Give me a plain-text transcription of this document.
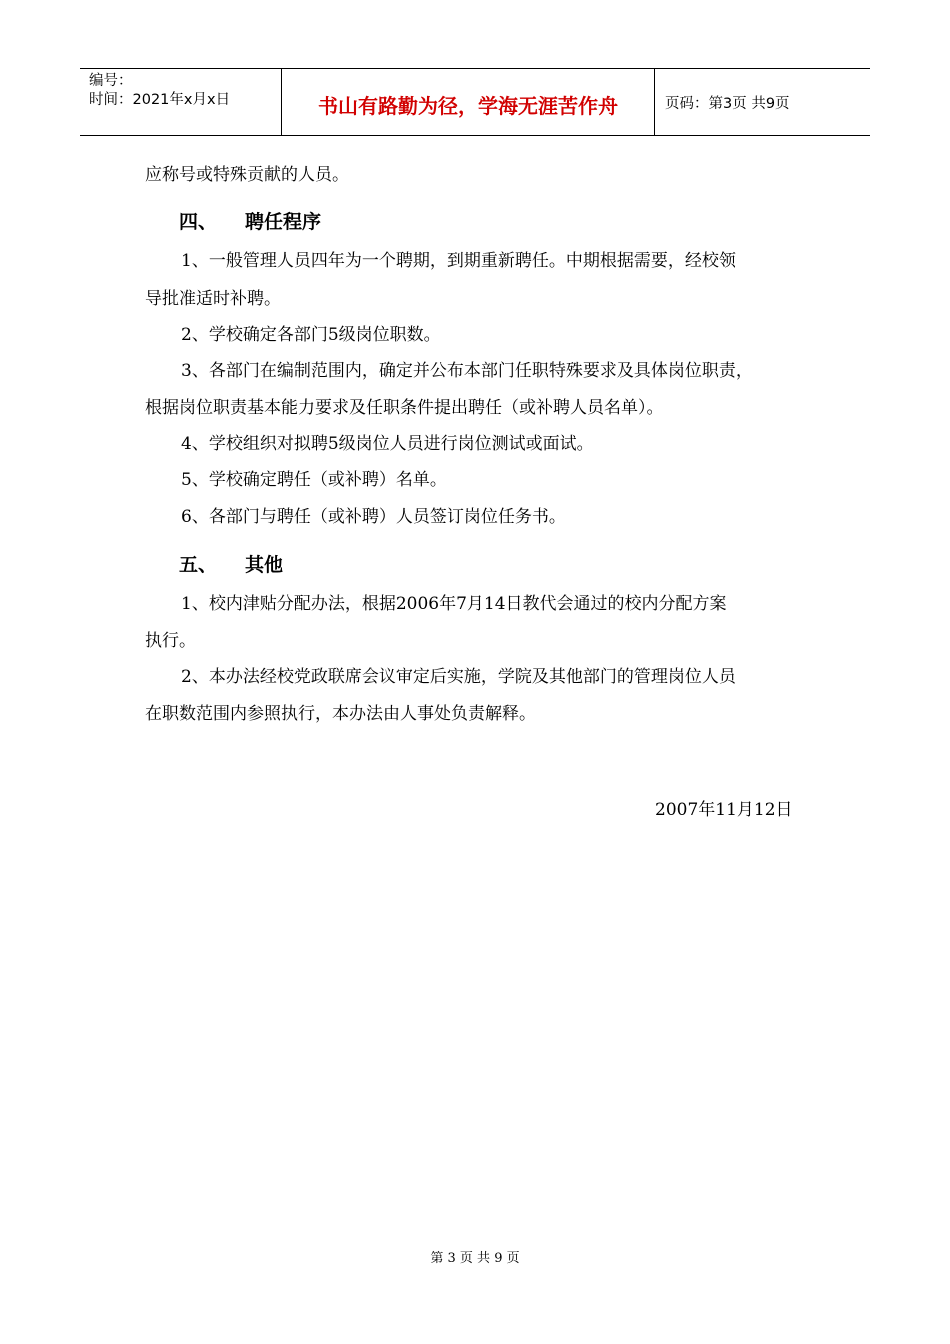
编号：
时间：2021年x月x日	书山有路勤为径，学海无涯苦作舟	页码：第3页 共9页
应称号或特殊贡献的人员。
四、 聘任程序
1、一般管理人员四年为一个聘期，到期重新聘任。中期根据需要，经校领
导批准适时补聘。
2、学校确定各部门5级岗位职数。
3、各部门在编制范围内，确定并公布本部门任职特殊要求及具体岗位职责，
根据岗位职责基本能力要求及任职条件提出聘任（或补聘人员名单）。
4、学校组织对拟聘5级岗位人员进行岗位测试或面试。
5、学校确定聘任（或补聘）名单。
6、各部门与聘任（或补聘）人员签订岗位任务书。
五、 其他
1、校内津贴分配办法，根据2006年7月14日教代会通过的校内分配方案
执行。
2、本办法经校党政联席会议审定后实施，学院及其他部门的管理岗位人员
在职数范围内参照执行，本办法由人事处负责解释。
2007年11月12日
第 3 页 共 9 页
